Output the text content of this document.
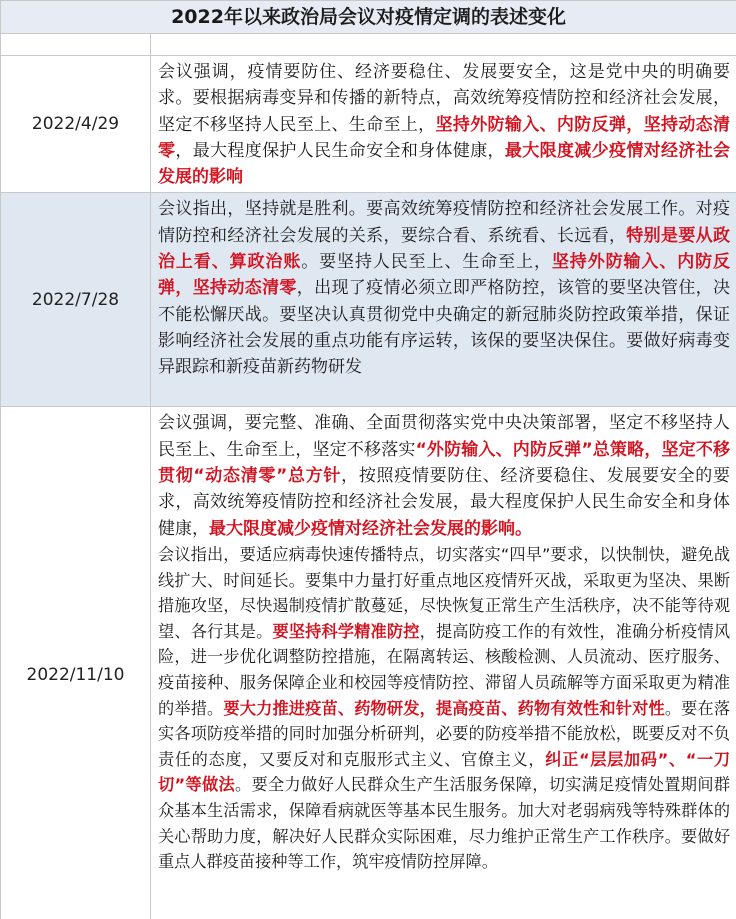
2022年以来政治局会议对疫情定调的表述变化	

2022/4/29	会议强调，疫情要防住、经济要稳住、发展要安全，这是党中央的明确要求。要根据病毒变异和传播的新特点，高效统筹疫情防控和经济社会发展，坚定不移坚持人民至上、生命至上，坚持外防输入、内防反弹，坚持动态清零，最大程度保护人民生命安全和身体健康，最大限度减少疫情对经济社会发展的影响
2022/7/28	会议指出，坚持就是胜利。要高效统筹疫情防控和经济社会发展工作。对疫情防控和经济社会发展的关系，要综合看、系统看、长远看，特别是要从政治上看、算政治账。要坚持人民至上、生命至上，坚持外防输入、内防反弹，坚持动态清零，出现了疫情必须立即严格防控，该管的要坚决管住，决不能松懈厌战。要坚决认真贯彻党中央确定的新冠肺炎防控政策举措，保证影响经济社会发展的重点功能有序运转，该保的要坚决保住。要做好病毒变异跟踪和新疫苗新药物研发
2022/11/10	会议强调，要完整、准确、全面贯彻落实党中央决策部署，坚定不移坚持人民至上、生命至上，坚定不移落实“外防输入、内防反弹”总策略，坚定不移贯彻“动态清零”总方针，按照疫情要防住、经济要稳住、发展要安全的要求，高效统筹疫情防控和经济社会发展，最大程度保护人民生命安全和身体健康，最大限度减少疫情对经济社会发展的影响。
会议指出，要适应病毒快速传播特点，切实落实“四早”要求，以快制快，避免战线扩大、时间延长。要集中力量打好重点地区疫情歼灭战，采取更为坚决、果断措施攻坚，尽快遏制疫情扩散蔓延，尽快恢复正常生产生活秩序，决不能等待观望、各行其是。要坚持科学精准防控，提高防疫工作的有效性，准确分析疫情风险，进一步优化调整防控措施，在隔离转运、核酸检测、人员流动、医疗服务、疫苗接种、服务保障企业和校园等疫情防控、滞留人员疏解等方面采取更为精准的举措。要大力推进疫苗、药物研发，提高疫苗、药物有效性和针对性。要在落实各项防疫举措的同时加强分析研判，必要的防疫举措不能放松，既要反对不负责任的态度，又要反对和克服形式主义、官僚主义，纠正“层层加码”、“一刀切”等做法。要全力做好人民群众生产生活服务保障，切实满足疫情处置期间群众基本生活需求，保障看病就医等基本民生服务。加大对老弱病残等特殊群体的关心帮助力度，解决好人民群众实际困难，尽力维护正常生产工作秩序。要做好重点人群疫苗接种等工作，筑牢疫情防控屏障。
